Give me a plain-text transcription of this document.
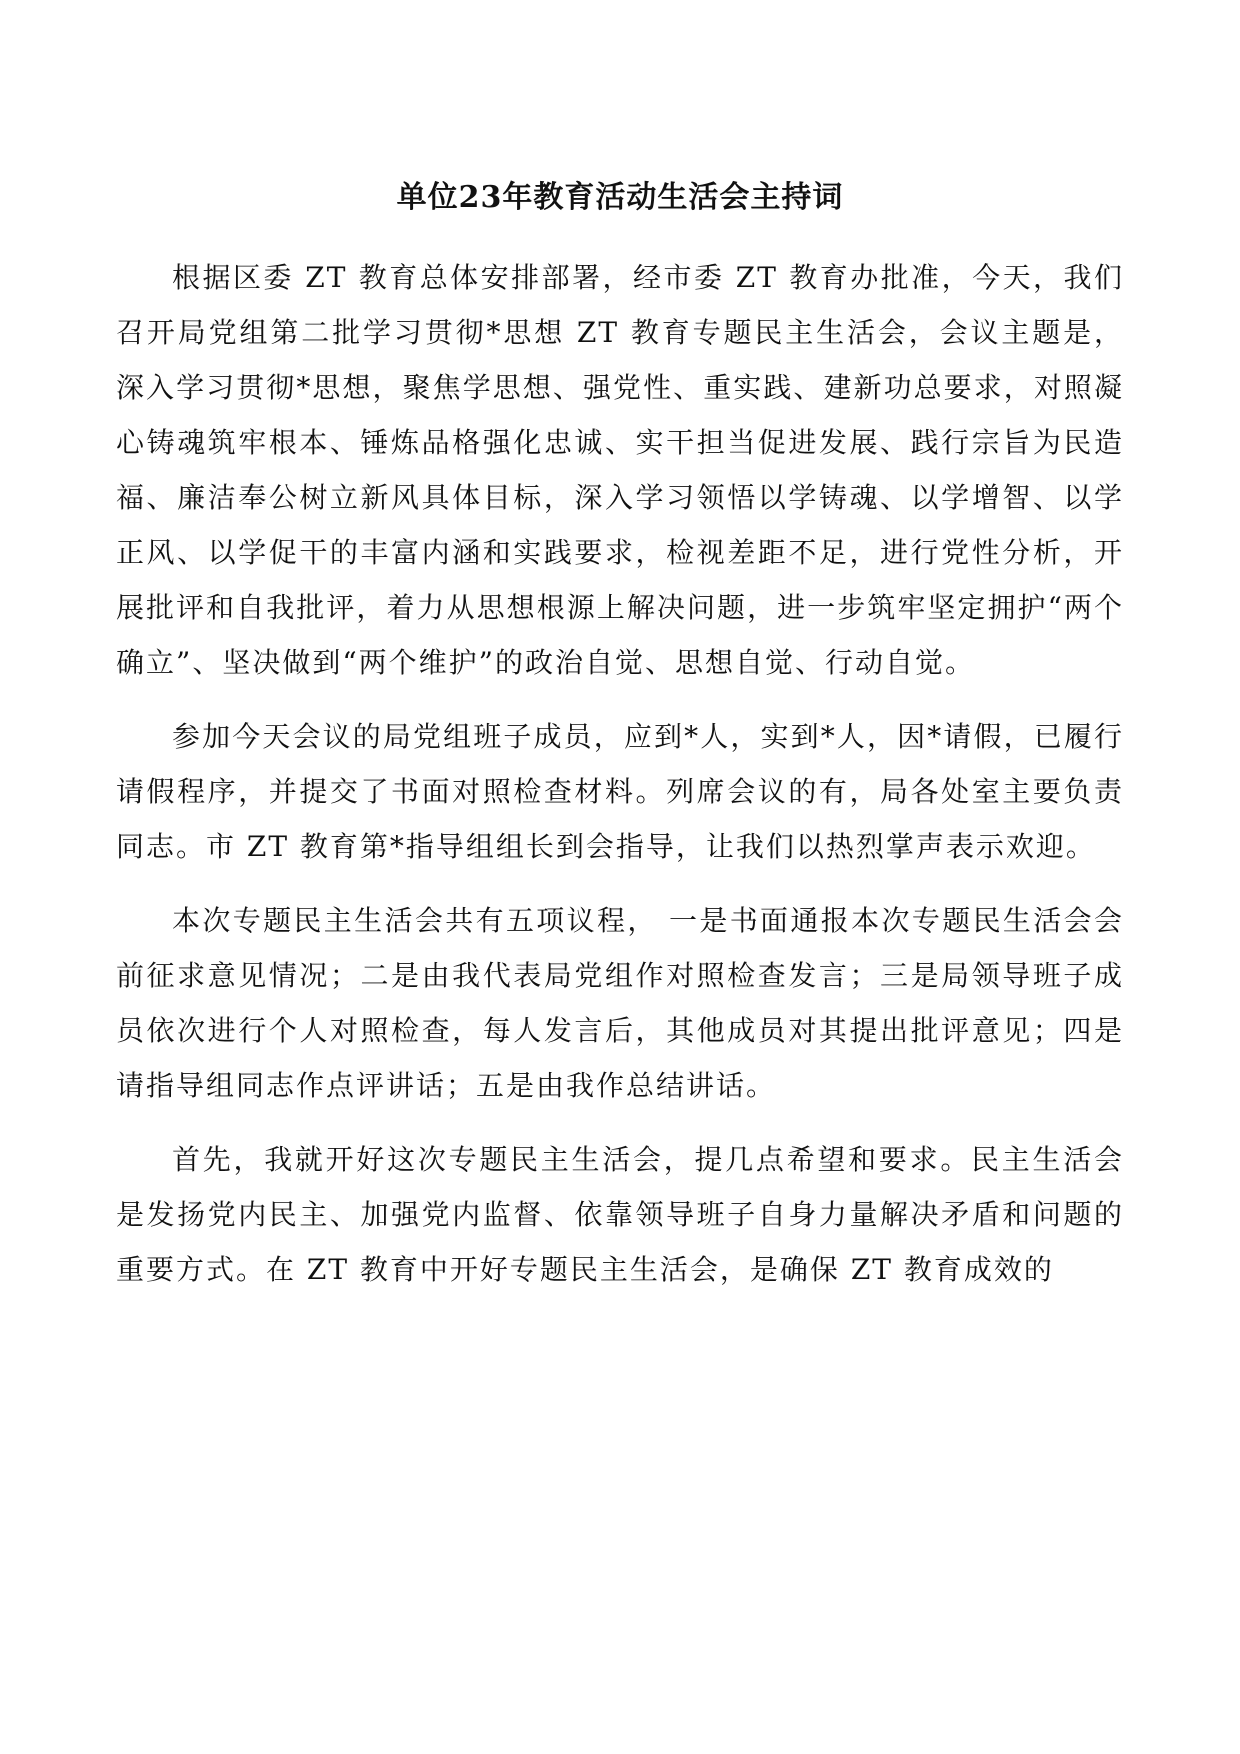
单位23年教育活动生活会主持词

根据区委 ZT 教育总体安排部署，经市委 ZT 教育办批准，今天，我们召开局党组第二批学习贯彻*思想 ZT 教育专题民主生活会，会议主题是，深入学习贯彻*思想，聚焦学思想、强党性、重实践、建新功总要求，对照凝心铸魂筑牢根本、锤炼品格强化忠诚、实干担当促进发展、践行宗旨为民造福、廉洁奉公树立新风具体目标，深入学习领悟以学铸魂、以学增智、以学正风、以学促干的丰富内涵和实践要求，检视差距不足，进行党性分析，开展批评和自我批评，着力从思想根源上解决问题，进一步筑牢坚定拥护“两个确立”、坚决做到“两个维护”的政治自觉、思想自觉、行动自觉。

参加今天会议的局党组班子成员，应到*人，实到*人，因*请假，已履行请假程序，并提交了书面对照检查材料。列席会议的有，局各处室主要负责同志。市 ZT 教育第*指导组组长到会指导，让我们以热烈掌声表示欢迎。

本次专题民主生活会共有五项议程， 一是书面通报本次专题民生活会会前征求意见情况；二是由我代表局党组作对照检查发言；三是局领导班子成员依次进行个人对照检查，每人发言后，其他成员对其提出批评意见；四是请指导组同志作点评讲话；五是由我作总结讲话。

首先，我就开好这次专题民主生活会，提几点希望和要求。民主生活会是发扬党内民主、加强党内监督、依靠领导班子自身力量解决矛盾和问题的重要方式。在 ZT 教育中开好专题民主生活会，是确保 ZT 教育成效的
